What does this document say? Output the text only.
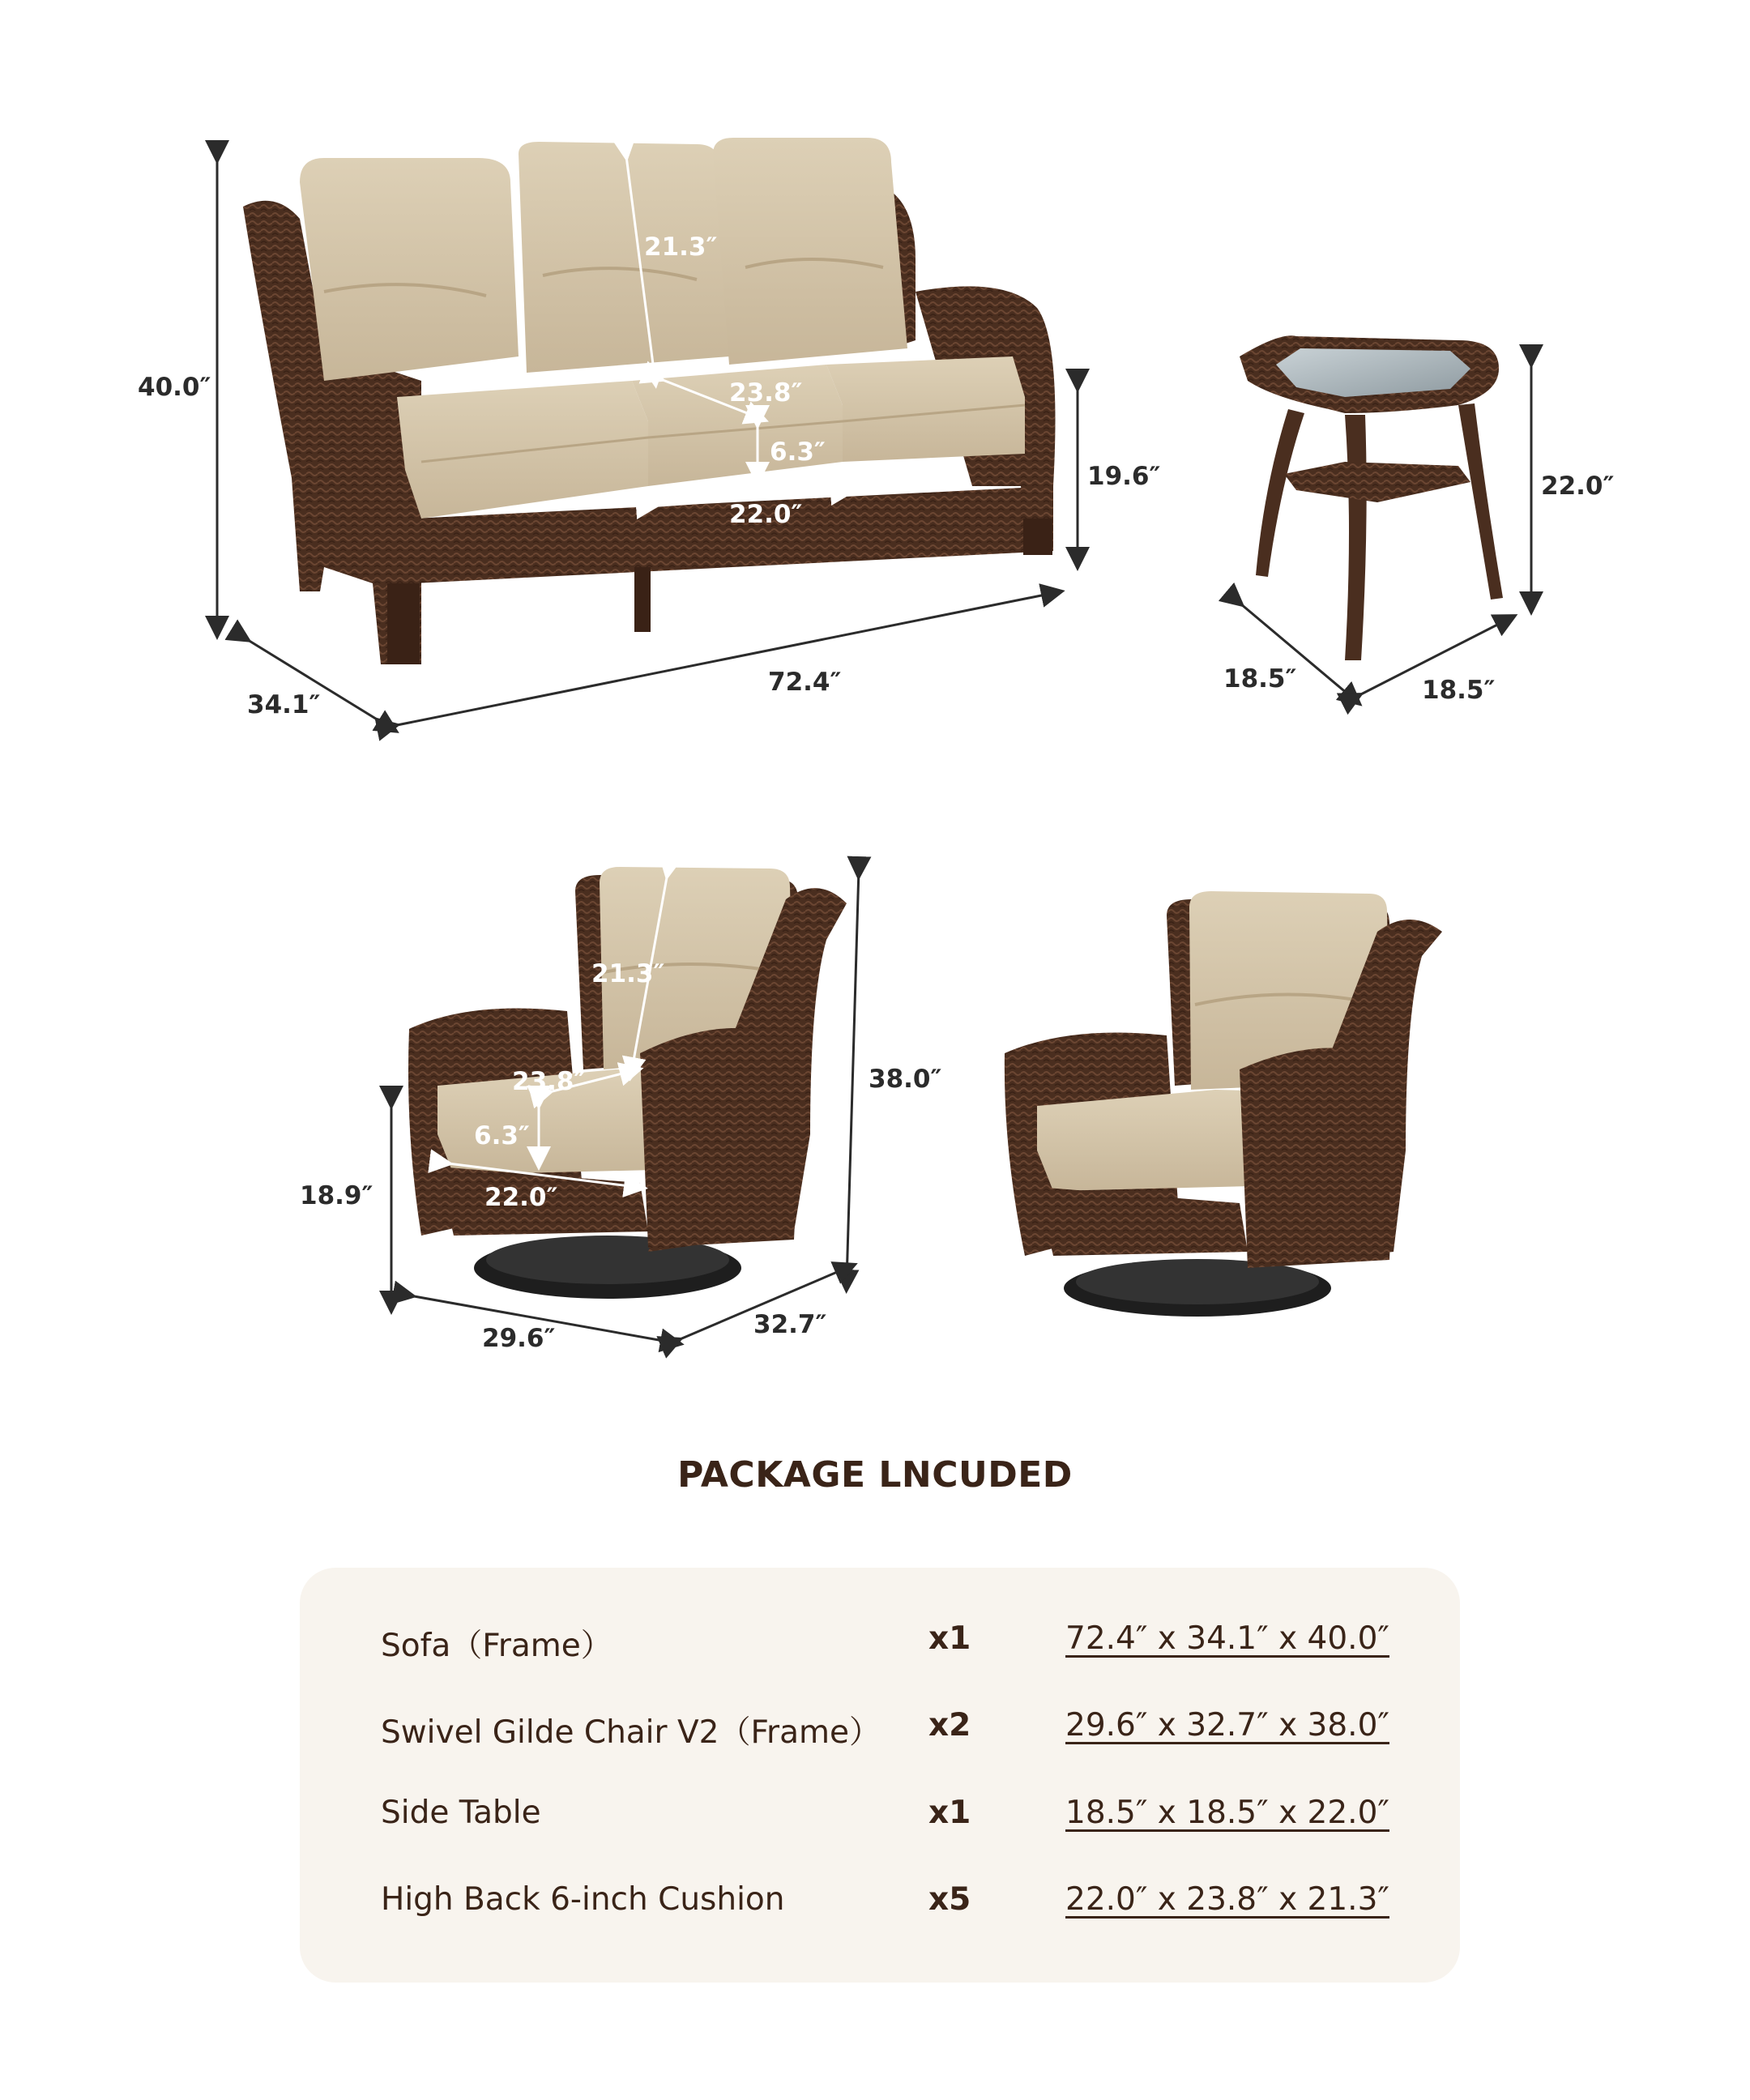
40.0″
34.1″
72.4″
19.6″
21.3″
23.8″
6.3″
22.0″
22.0″
18.5″	18.5″
38.0″
18.9″
29.6″	32.7″
21.3″
23.8″
6.3″
22.0″
PACKAGE LNCUDED
Sofa（Frame）	x1	72.4″ x 34.1″ x 40.0″
Swivel Gilde Chair V2（Frame） x2	29.6″ x 32.7″ x 38.0″
Side Table	x1	18.5″ x 18.5″ x 22.0″
High Back 6-inch Cushion	x5	22.0″ x 23.8″ x 21.3″
